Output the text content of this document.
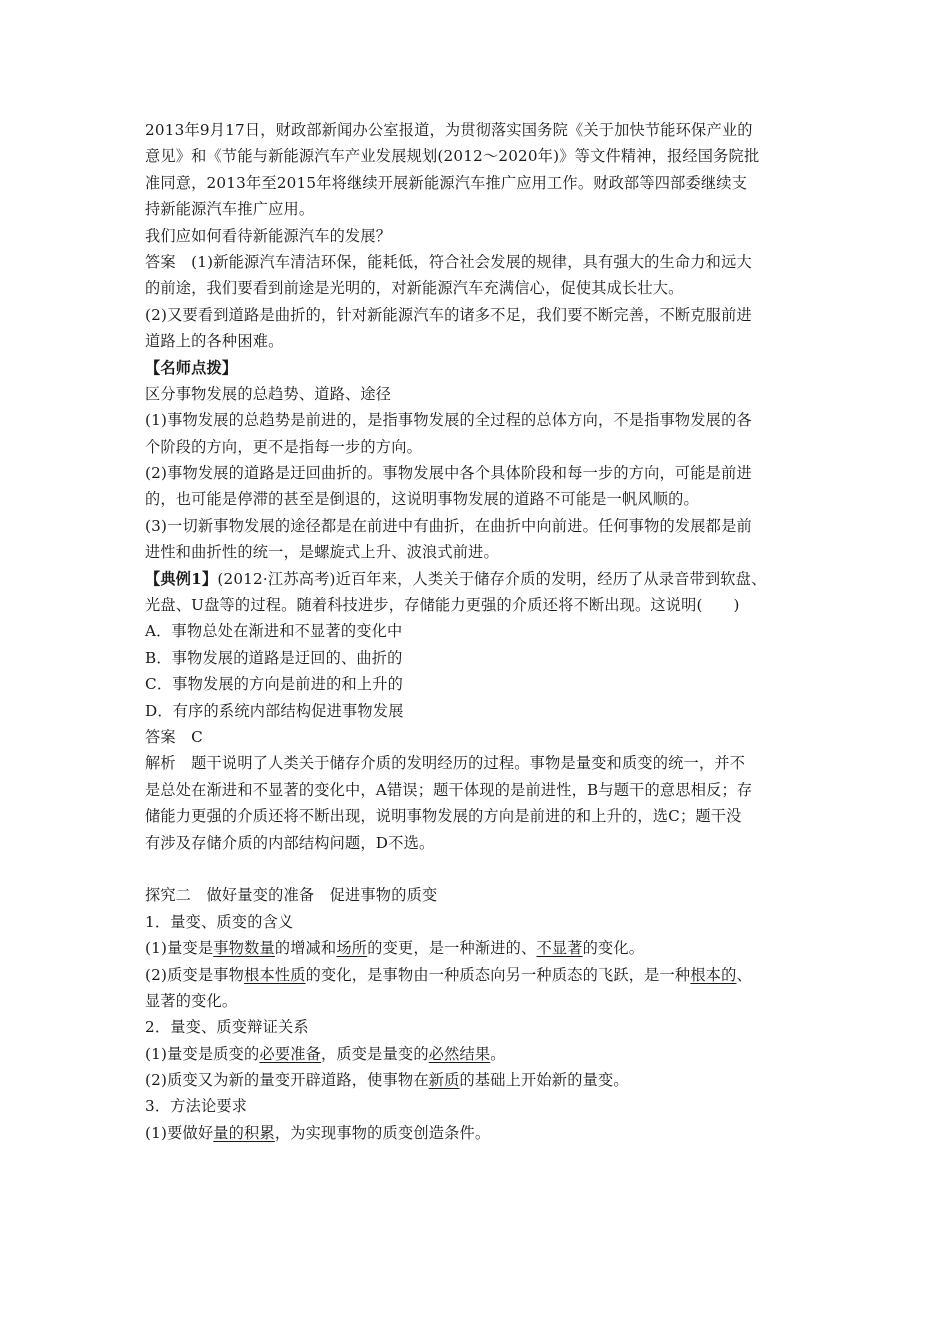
2013年9月17日，财政部新闻办公室报道，为贯彻落实国务院《关于加快节能环保产业的
意见》和《节能与新能源汽车产业发展规划(2012～2020年)》等文件精神，报经国务院批
准同意，2013年至2015年将继续开展新能源汽车推广应用工作。财政部等四部委继续支
持新能源汽车推广应用。
我们应如何看待新能源汽车的发展？
答案　(1)新能源汽车清洁环保，能耗低，符合社会发展的规律，具有强大的生命力和远大
的前途，我们要看到前途是光明的，对新能源汽车充满信心，促使其成长壮大。
(2)又要看到道路是曲折的，针对新能源汽车的诸多不足，我们要不断完善，不断克服前进
道路上的各种困难。
【名师点拨】
区分事物发展的总趋势、道路、途径
(1)事物发展的总趋势是前进的，是指事物发展的全过程的总体方向，不是指事物发展的各
个阶段的方向，更不是指每一步的方向。
(2)事物发展的道路是迂回曲折的。事物发展中各个具体阶段和每一步的方向，可能是前进
的，也可能是停滞的甚至是倒退的，这说明事物发展的道路不可能是一帆风顺的。
(3)一切新事物发展的途径都是在前进中有曲折，在曲折中向前进。任何事物的发展都是前
进性和曲折性的统一，是螺旋式上升、波浪式前进。
【典例1】(2012·江苏高考)近百年来，人类关于储存介质的发明，经历了从录音带到软盘、
光盘、U盘等的过程。随着科技进步，存储能力更强的介质还将不断出现。这说明(　　)
A．事物总处在渐进和不显著的变化中
B．事物发展的道路是迂回的、曲折的
C．事物发展的方向是前进的和上升的
D．有序的系统内部结构促进事物发展
答案　C
解析　题干说明了人类关于储存介质的发明经历的过程。事物是量变和质变的统一，并不
是总处在渐进和不显著的变化中，A错误；题干体现的是前进性，B与题干的意思相反；存
储能力更强的介质还将不断出现，说明事物发展的方向是前进的和上升的，选C；题干没
有涉及存储介质的内部结构问题，D不选。
探究二　做好量变的准备　促进事物的质变
1．量变、质变的含义
(1)量变是事物数量的增减和场所的变更，是一种渐进的、不显著的变化。
(2)质变是事物根本性质的变化，是事物由一种质态向另一种质态的飞跃，是一种根本的、
显著的变化。
2．量变、质变辩证关系
(1)量变是质变的必要准备，质变是量变的必然结果。
(2)质变又为新的量变开辟道路，使事物在新质的基础上开始新的量变。
3．方法论要求
(1)要做好量的积累，为实现事物的质变创造条件。
